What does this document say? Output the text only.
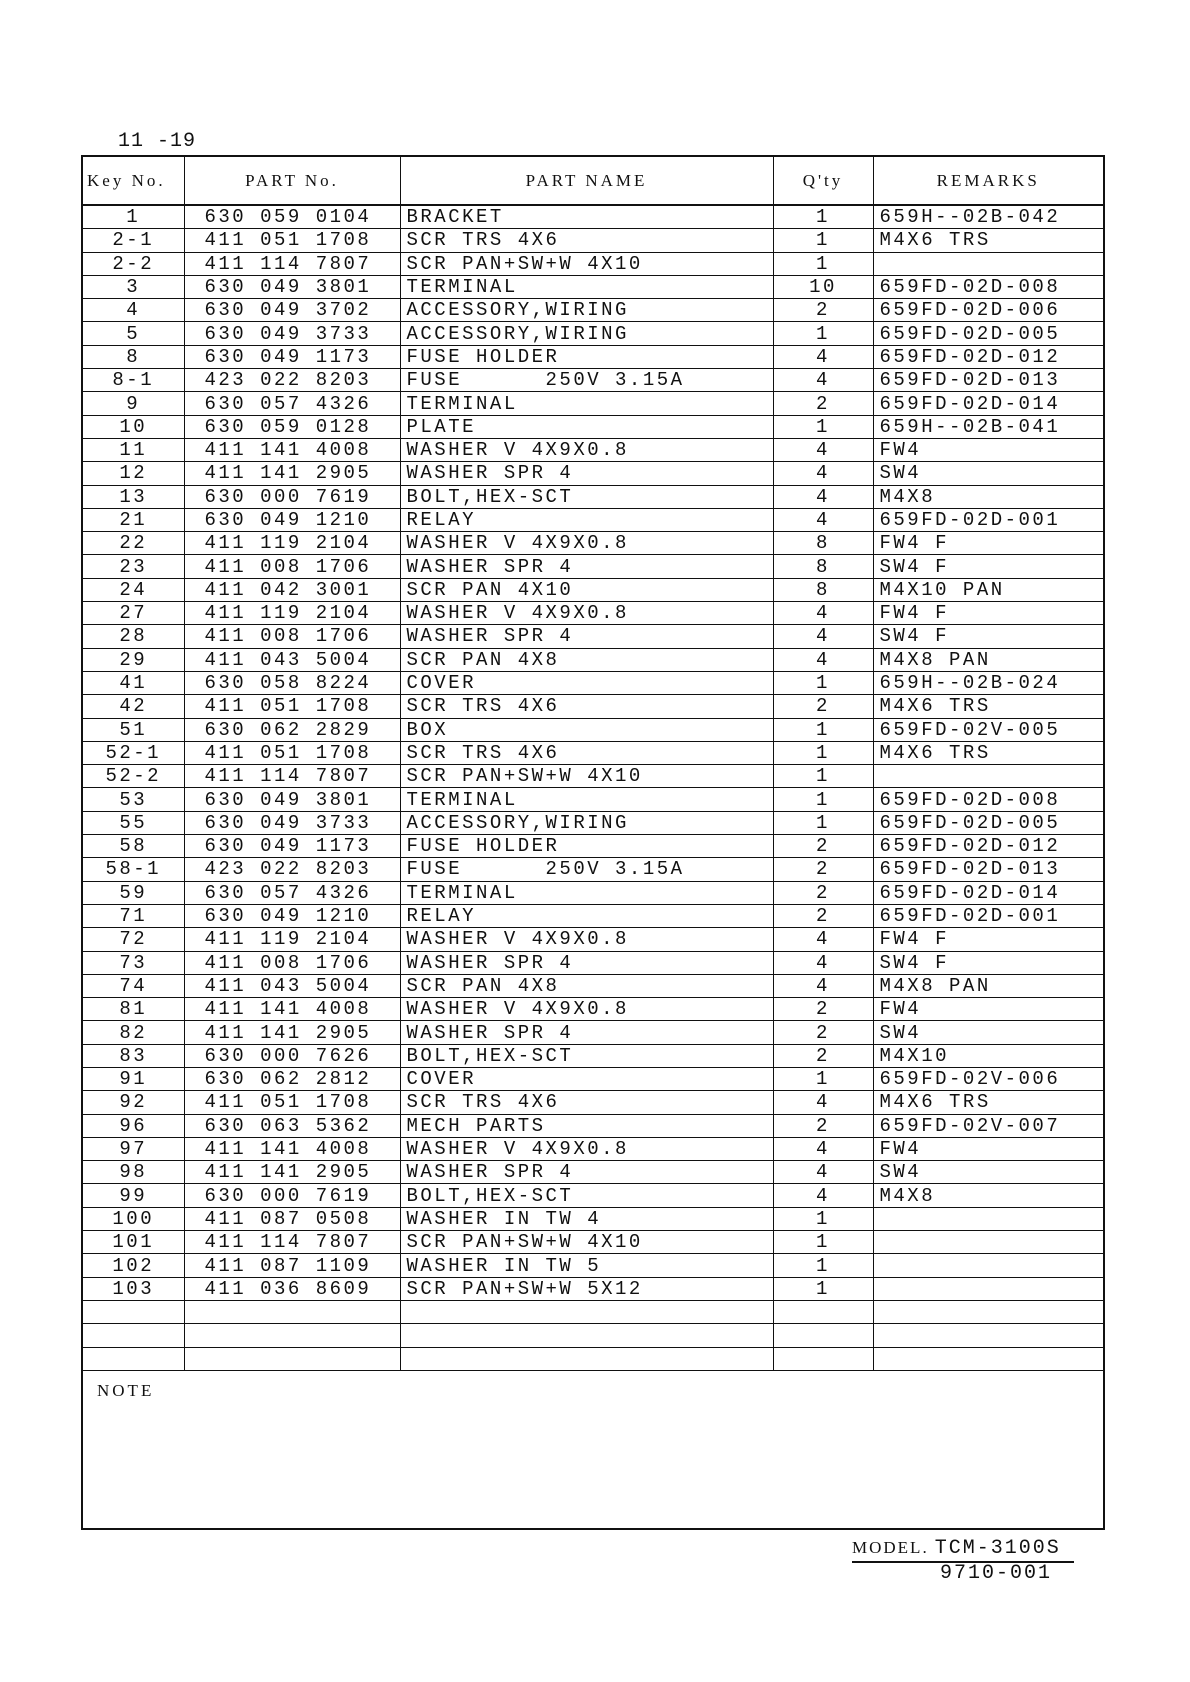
11 -19
Key No.	PART No.	PART NAME	Q'ty	REMARKS
1	630 059 0104	BRACKET	1	659H--02B-042
2-1	411 051 1708	SCR TRS 4X6	1	M4X6 TRS
2-2	411 114 7807	SCR PAN+SW+W 4X10	1	
3	630 049 3801	TERMINAL	10	659FD-02D-008
4	630 049 3702	ACCESSORY,WIRING	2	659FD-02D-006
5	630 049 3733	ACCESSORY,WIRING	1	659FD-02D-005
8	630 049 1173	FUSE HOLDER	4	659FD-02D-012
8-1	423 022 8203	FUSE      250V 3.15A	4	659FD-02D-013
9	630 057 4326	TERMINAL	2	659FD-02D-014
10	630 059 0128	PLATE	1	659H--02B-041
11	411 141 4008	WASHER V 4X9X0.8	4	FW4
12	411 141 2905	WASHER SPR 4	4	SW4
13	630 000 7619	BOLT,HEX-SCT	4	M4X8
21	630 049 1210	RELAY	4	659FD-02D-001
22	411 119 2104	WASHER V 4X9X0.8	8	FW4 F
23	411 008 1706	WASHER SPR 4	8	SW4 F
24	411 042 3001	SCR PAN 4X10	8	M4X10 PAN
27	411 119 2104	WASHER V 4X9X0.8	4	FW4 F
28	411 008 1706	WASHER SPR 4	4	SW4 F
29	411 043 5004	SCR PAN 4X8	4	M4X8 PAN
41	630 058 8224	COVER	1	659H--02B-024
42	411 051 1708	SCR TRS 4X6	2	M4X6 TRS
51	630 062 2829	BOX	1	659FD-02V-005
52-1	411 051 1708	SCR TRS 4X6	1	M4X6 TRS
52-2	411 114 7807	SCR PAN+SW+W 4X10	1	
53	630 049 3801	TERMINAL	1	659FD-02D-008
55	630 049 3733	ACCESSORY,WIRING	1	659FD-02D-005
58	630 049 1173	FUSE HOLDER	2	659FD-02D-012
58-1	423 022 8203	FUSE      250V 3.15A	2	659FD-02D-013
59	630 057 4326	TERMINAL	2	659FD-02D-014
71	630 049 1210	RELAY	2	659FD-02D-001
72	411 119 2104	WASHER V 4X9X0.8	4	FW4 F
73	411 008 1706	WASHER SPR 4	4	SW4 F
74	411 043 5004	SCR PAN 4X8	4	M4X8 PAN
81	411 141 4008	WASHER V 4X9X0.8	2	FW4
82	411 141 2905	WASHER SPR 4	2	SW4
83	630 000 7626	BOLT,HEX-SCT	2	M4X10
91	630 062 2812	COVER	1	659FD-02V-006
92	411 051 1708	SCR TRS 4X6	4	M4X6 TRS
96	630 063 5362	MECH PARTS	2	659FD-02V-007
97	411 141 4008	WASHER V 4X9X0.8	4	FW4
98	411 141 2905	WASHER SPR 4	4	SW4
99	630 000 7619	BOLT,HEX-SCT	4	M4X8
100	411 087 0508	WASHER IN TW 4	1	
101	411 114 7807	SCR PAN+SW+W 4X10	1	
102	411 087 1109	WASHER IN TW 5	1	
103	411 036 8609	SCR PAN+SW+W 5X12	1	

NOTE				
MODEL. TCM-3100S
9710-001
